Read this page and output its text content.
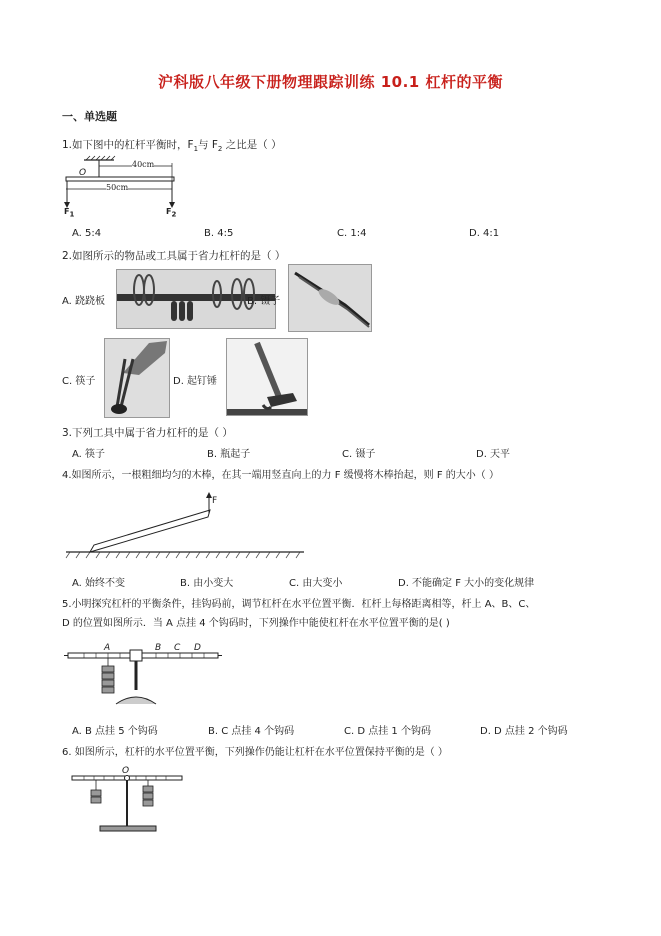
沪科版八年级下册物理跟踪训练 10.1 杠杆的平衡
一、单选题
1.如下图中的杠杆平衡时，$F_1$与 $F_2$ 之比是（ ）
O
40cm
50cm
$F_1$	$F_2$
A. 5:4	B. 4:5	C. 1:4	D. 4:1
2.如图所示的物品或工具属于省力杠杆的是（ ）
A. 跷跷板	B. 镊子
C. 筷子	D. 起钉锤
3.下列工具中属于省力杠杆的是（ ）
A. 筷子	B. 瓶起子	C. 镊子	D. 天平
4.如图所示，一根粗细均匀的木棒，在其一端用竖直向上的力 F 缓慢将木棒抬起，则 F 的大小（ ）
F
A. 始终不变	B. 由小变大	C. 由大变小	D. 不能确定 F 大小的变化规律
5.小明探究杠杆的平衡条件，挂钩码前，调节杠杆在水平位置平衡．杠杆上每格距离相等，杆上 A、B、C、
D 的位置如图所示．当 A 点挂 4 个钩码时，下列操作中能使杠杆在水平位置平衡的是( )
A	B C D
A. B 点挂 5 个钩码	B. C 点挂 4 个钩码	C. D 点挂 1 个钩码	D. D 点挂 2 个钩码
6. 如图所示，杠杆的水平位置平衡，下列操作仍能让杠杆在水平位置保持平衡的是（ ）
O
